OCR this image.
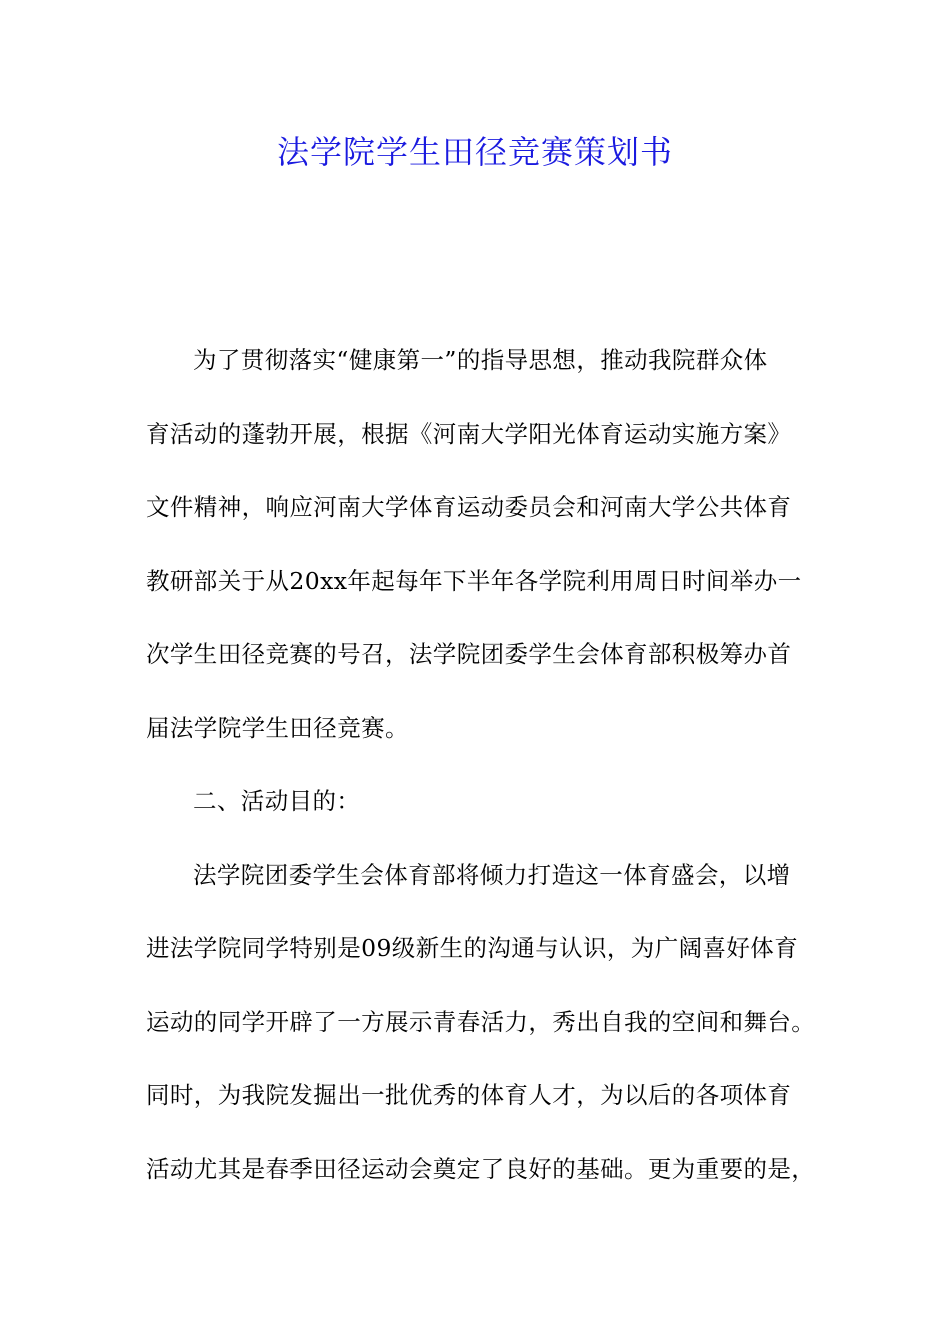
法学院学生田径竞赛策划书
为了贯彻落实“健康第一”的指导思想，推动我院群众体
育活动的蓬勃开展，根据《河南大学阳光体育运动实施方案》
文件精神，响应河南大学体育运动委员会和河南大学公共体育
教研部关于从20xx年起每年下半年各学院利用周日时间举办一
次学生田径竞赛的号召，法学院团委学生会体育部积极筹办首
届法学院学生田径竞赛。
二、活动目的：
法学院团委学生会体育部将倾力打造这一体育盛会，以增
进法学院同学特别是09级新生的沟通与认识，为广阔喜好体育
运动的同学开辟了一方展示青春活力，秀出自我的空间和舞台。
同时，为我院发掘出一批优秀的体育人才，为以后的各项体育
活动尤其是春季田径运动会奠定了良好的基础。更为重要的是，
